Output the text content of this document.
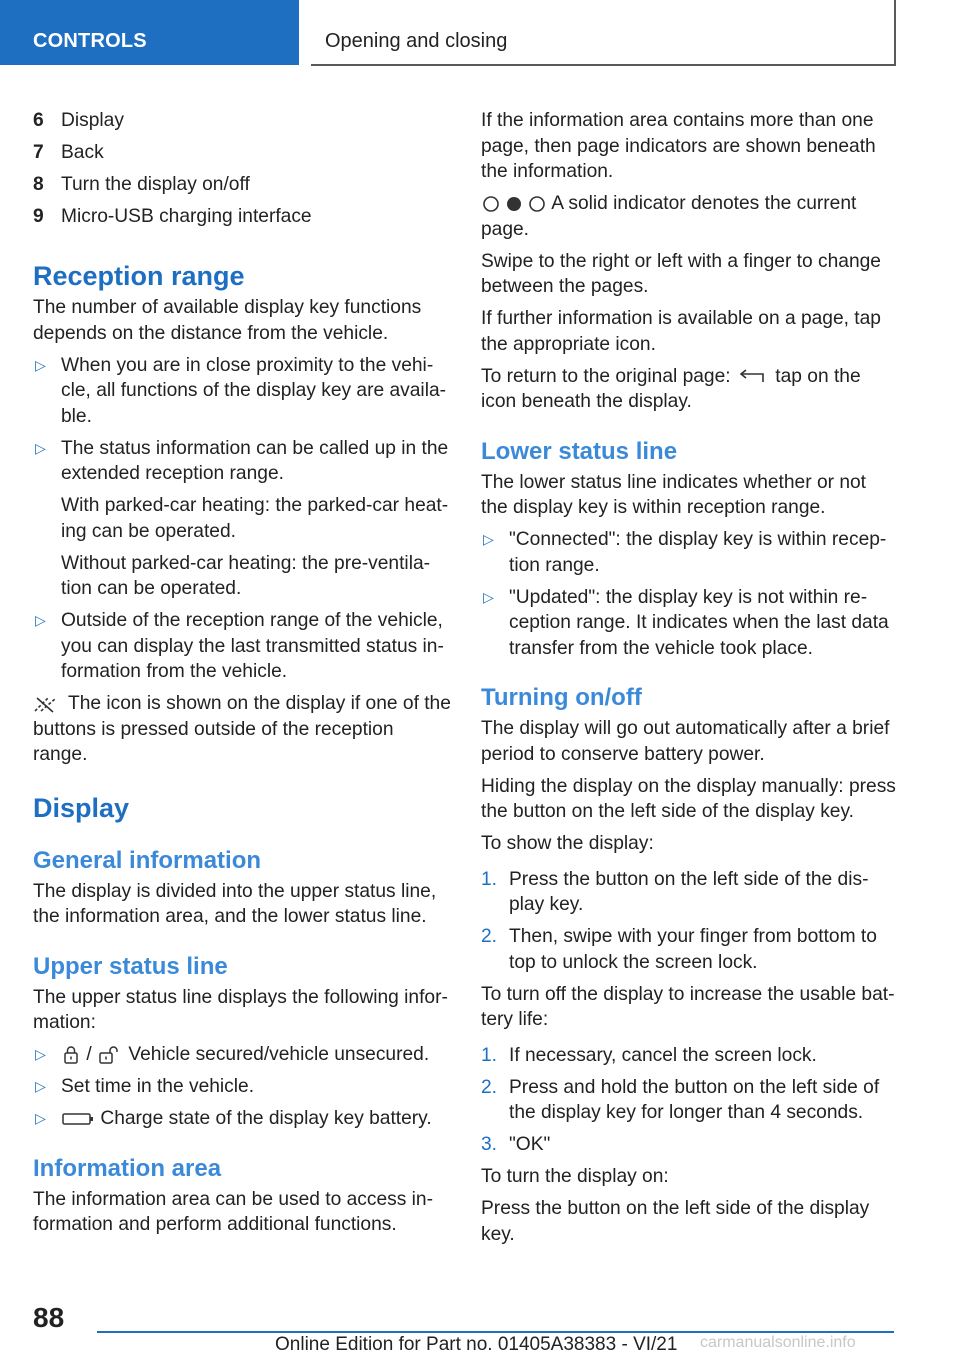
CONTROLS	Opening and closing
6 Display
7 Back
8 Turn the display on/off
9 Micro-USB charging interface
Reception range

The number of available display key functions depends on the distance from the vehicle.

▷ When you are in close proximity to the vehicle, all functions of the display key are available.
▷ The status information can be called up in the extended reception range.

With parked-car heating: the parked-car heating can be operated.

Without parked-car heating: the pre-ventilation can be operated.

▷ Outside of the reception range of the vehicle, you can display the last transmitted status information from the vehicle.

The icon is shown on the display if one of the buttons is pressed outside of the reception range.

Display
General information

The display is divided into the upper status line, the information area, and the lower status line.

Upper status line

The upper status line displays the following information:

▷ / Vehicle secured/vehicle unsecured.
▷ Set time in the vehicle.
▷	Charge state of the display key battery.
Information area

The information area can be used to access information and perform additional functions.

If the information area contains more than one page, then page indicators are shown beneath the information.

A solid indicator denotes the current page.

Swipe to the right or left with a finger to change between the pages.

If further information is available on a page, tap the appropriate icon.

To return to the original page: tap on the icon beneath the display.

Lower status line

The lower status line indicates whether or not the display key is within reception range.

▷ "Connected": the display key is within reception range.
▷ "Updated": the display key is not within reception range. It indicates when the last data transfer from the vehicle took place.
Turning on/off

The display will go out automatically after a brief period to conserve battery power.

Hiding the display on the display manually: press the button on the left side of the display key.

To show the display:

1. Press the button on the left side of the display key.
2. Then, swipe with your finger from bottom to top to unlock the screen lock.

To turn off the display to increase the usable battery life:

1. If necessary, cancel the screen lock.
2. Press and hold the button on the left side of the display key for longer than 4 seconds.
3. "OK"

To turn the display on:

Press the button on the left side of the display key.

88
Online Edition for Part no. 01405A38383 - VI/21 carmanualsonline.info
